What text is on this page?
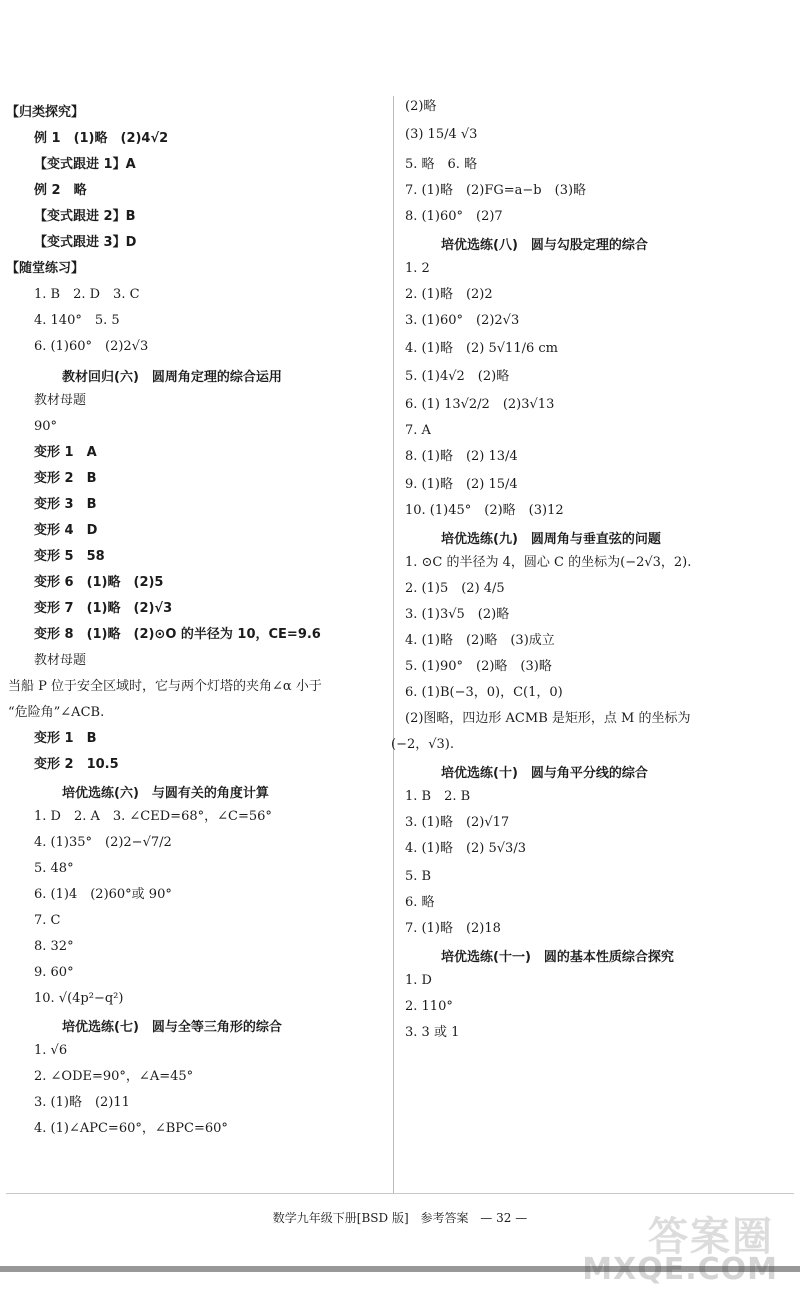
【归类探究】
例 1　(1)略　(2)4√2
【变式跟进 1】A
例 2　略
【变式跟进 2】B
【变式跟进 3】D
【随堂练习】
1. B　2. D　3. C
4. 140°　5. 5
6. (1)60°　(2)2√3
教材回归(六)　圆周角定理的综合运用
教材母题
90°
变形 1　A
变形 2　B
变形 3　B
变形 4　D
变形 5　58
变形 6　(1)略　(2)5
变形 7　(1)略　(2)√3
变形 8　(1)略　(2)⊙O 的半径为 10，CE=9.6
教材母题
当船 P 位于安全区域时，它与两个灯塔的夹角∠α 小于
“危险角”∠ACB.
变形 1　B
变形 2　10.5
培优选练(六)　与圆有关的角度计算
1. D　2. A　3. ∠CED=68°，∠C=56°
4. (1)35°　(2)2−√7/2
5. 48°
6. (1)4　(2)60°或 90°
7. C
8. 32°
9. 60°
10. √(4p²−q²)
培优选练(七)　圆与全等三角形的综合
1. √6
2. ∠ODE=90°，∠A=45°
3. (1)略　(2)11
4. (1)∠APC=60°，∠BPC=60°
(2)略
(3) 15/4 √3
5. 略　6. 略
7. (1)略　(2)FG=a−b　(3)略
8. (1)60°　(2)7
培优选练(八)　圆与勾股定理的综合
1. 2
2. (1)略　(2)2
3. (1)60°　(2)2√3
4. (1)略　(2) 5√11/6 cm
5. (1)4√2　(2)略
6. (1) 13√2/2　(2)3√13
7. A
8. (1)略　(2) 13/4
9. (1)略　(2) 15/4
10. (1)45°　(2)略　(3)12
培优选练(九)　圆周角与垂直弦的问题
1. ⊙C 的半径为 4，圆心 C 的坐标为(−2√3，2).
2. (1)5　(2) 4/5
3. (1)3√5　(2)略
4. (1)略　(2)略　(3)成立
5. (1)90°　(2)略　(3)略
6. (1)B(−3，0)，C(1，0)
(2)图略，四边形 ACMB 是矩形，点 M 的坐标为
(−2，√3).
培优选练(十)　圆与角平分线的综合
1. B　2. B
3. (1)略　(2)√17
4. (1)略　(2) 5√3/3
5. B
6. 略
7. (1)略　(2)18
培优选练(十一)　圆的基本性质综合探究
1. D
2. 110°
3. 3 或 1
数学九年级下册[BSD 版] 参考答案 — 32 —	答案圈
